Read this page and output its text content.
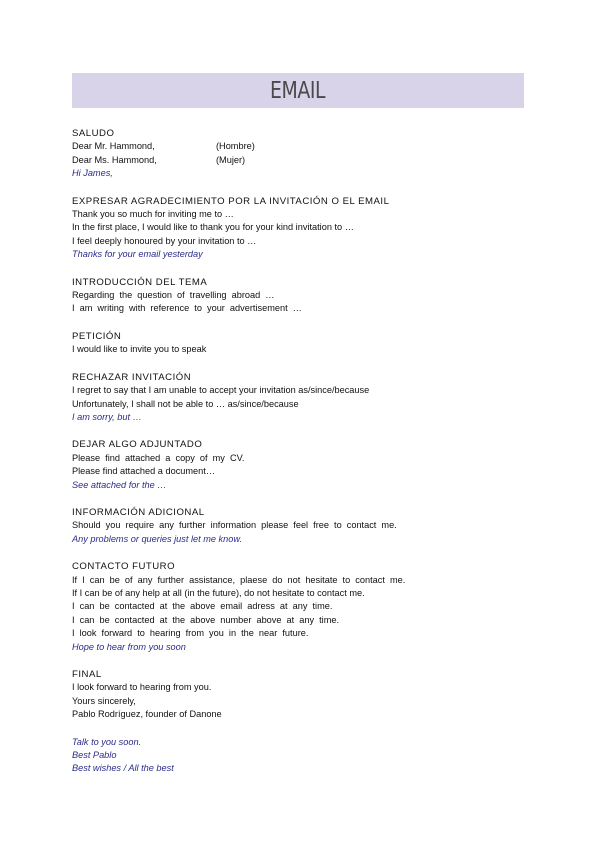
EMAIL
SALUDO
Dear Mr. Hammond,	(Hombre)
Dear Ms. Hammond,	(Mujer)
Hi James,
EXPRESAR AGRADECIMIENTO POR LA INVITACIÓN O EL EMAIL
Thank you so much for inviting me to …
In the first place, I would like to thank you for your kind invitation to …
I feel deeply honoured by your invitation to …
Thanks for your email yesterday
INTRODUCCIÓN DEL TEMA
Regarding the question of travelling abroad …
I am writing with reference to your advertisement …
PETICIÓN
I would like to invite you to speak
RECHAZAR INVITACIÓN
I regret to say that I am unable to accept your invitation as/since/because
Unfortunately, I shall not be able to … as/since/because
I am sorry, but …
DEJAR ALGO ADJUNTADO
Please find attached a copy of my CV.
Please find attached a document…
See attached for the …
INFORMACIÓN ADICIONAL
Should you require any further information please feel free to contact me.
Any problems or queries just let me know.
CONTACTO FUTURO
If I can be of any further assistance, plaese do not hesitate to contact me.
If I can be of any help at all (in the future), do not hesitate to contact me.
I can be contacted at the above email adress at any time.
I can be contacted at the above number above at any time.
I look forward to hearing from you in the near future.
Hope to hear from you soon
FINAL
I look forward to hearing from you.
Yours sincerely,
Pablo Rodríguez, founder of Danone
Talk to you soon.
Best Pablo
Best wishes / All the best
